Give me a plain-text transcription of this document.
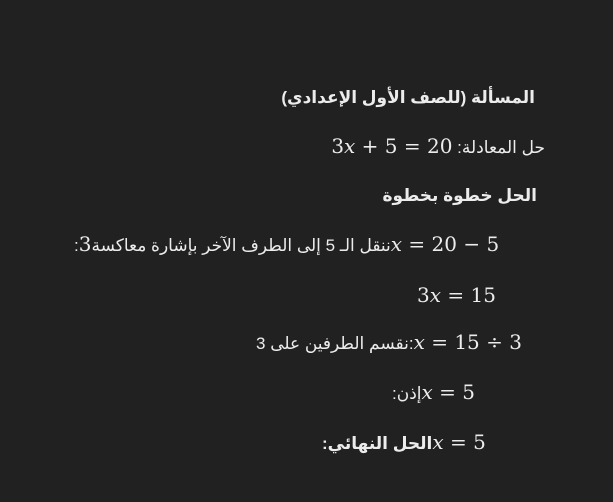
المسألة (للصف الأول الإعدادي)
3x + 5 = 20 :حل المعادلة
الحل خطوة بخطوة
:ننقل الـ 5 إلى الطرف الآخر بإشارة معاكسة3	x = 20 − 5
3x = 15
نقسم الطرفين على 3:x = 15 ÷ 3
:إذنx = 5
:الحل النهائيx = 5
